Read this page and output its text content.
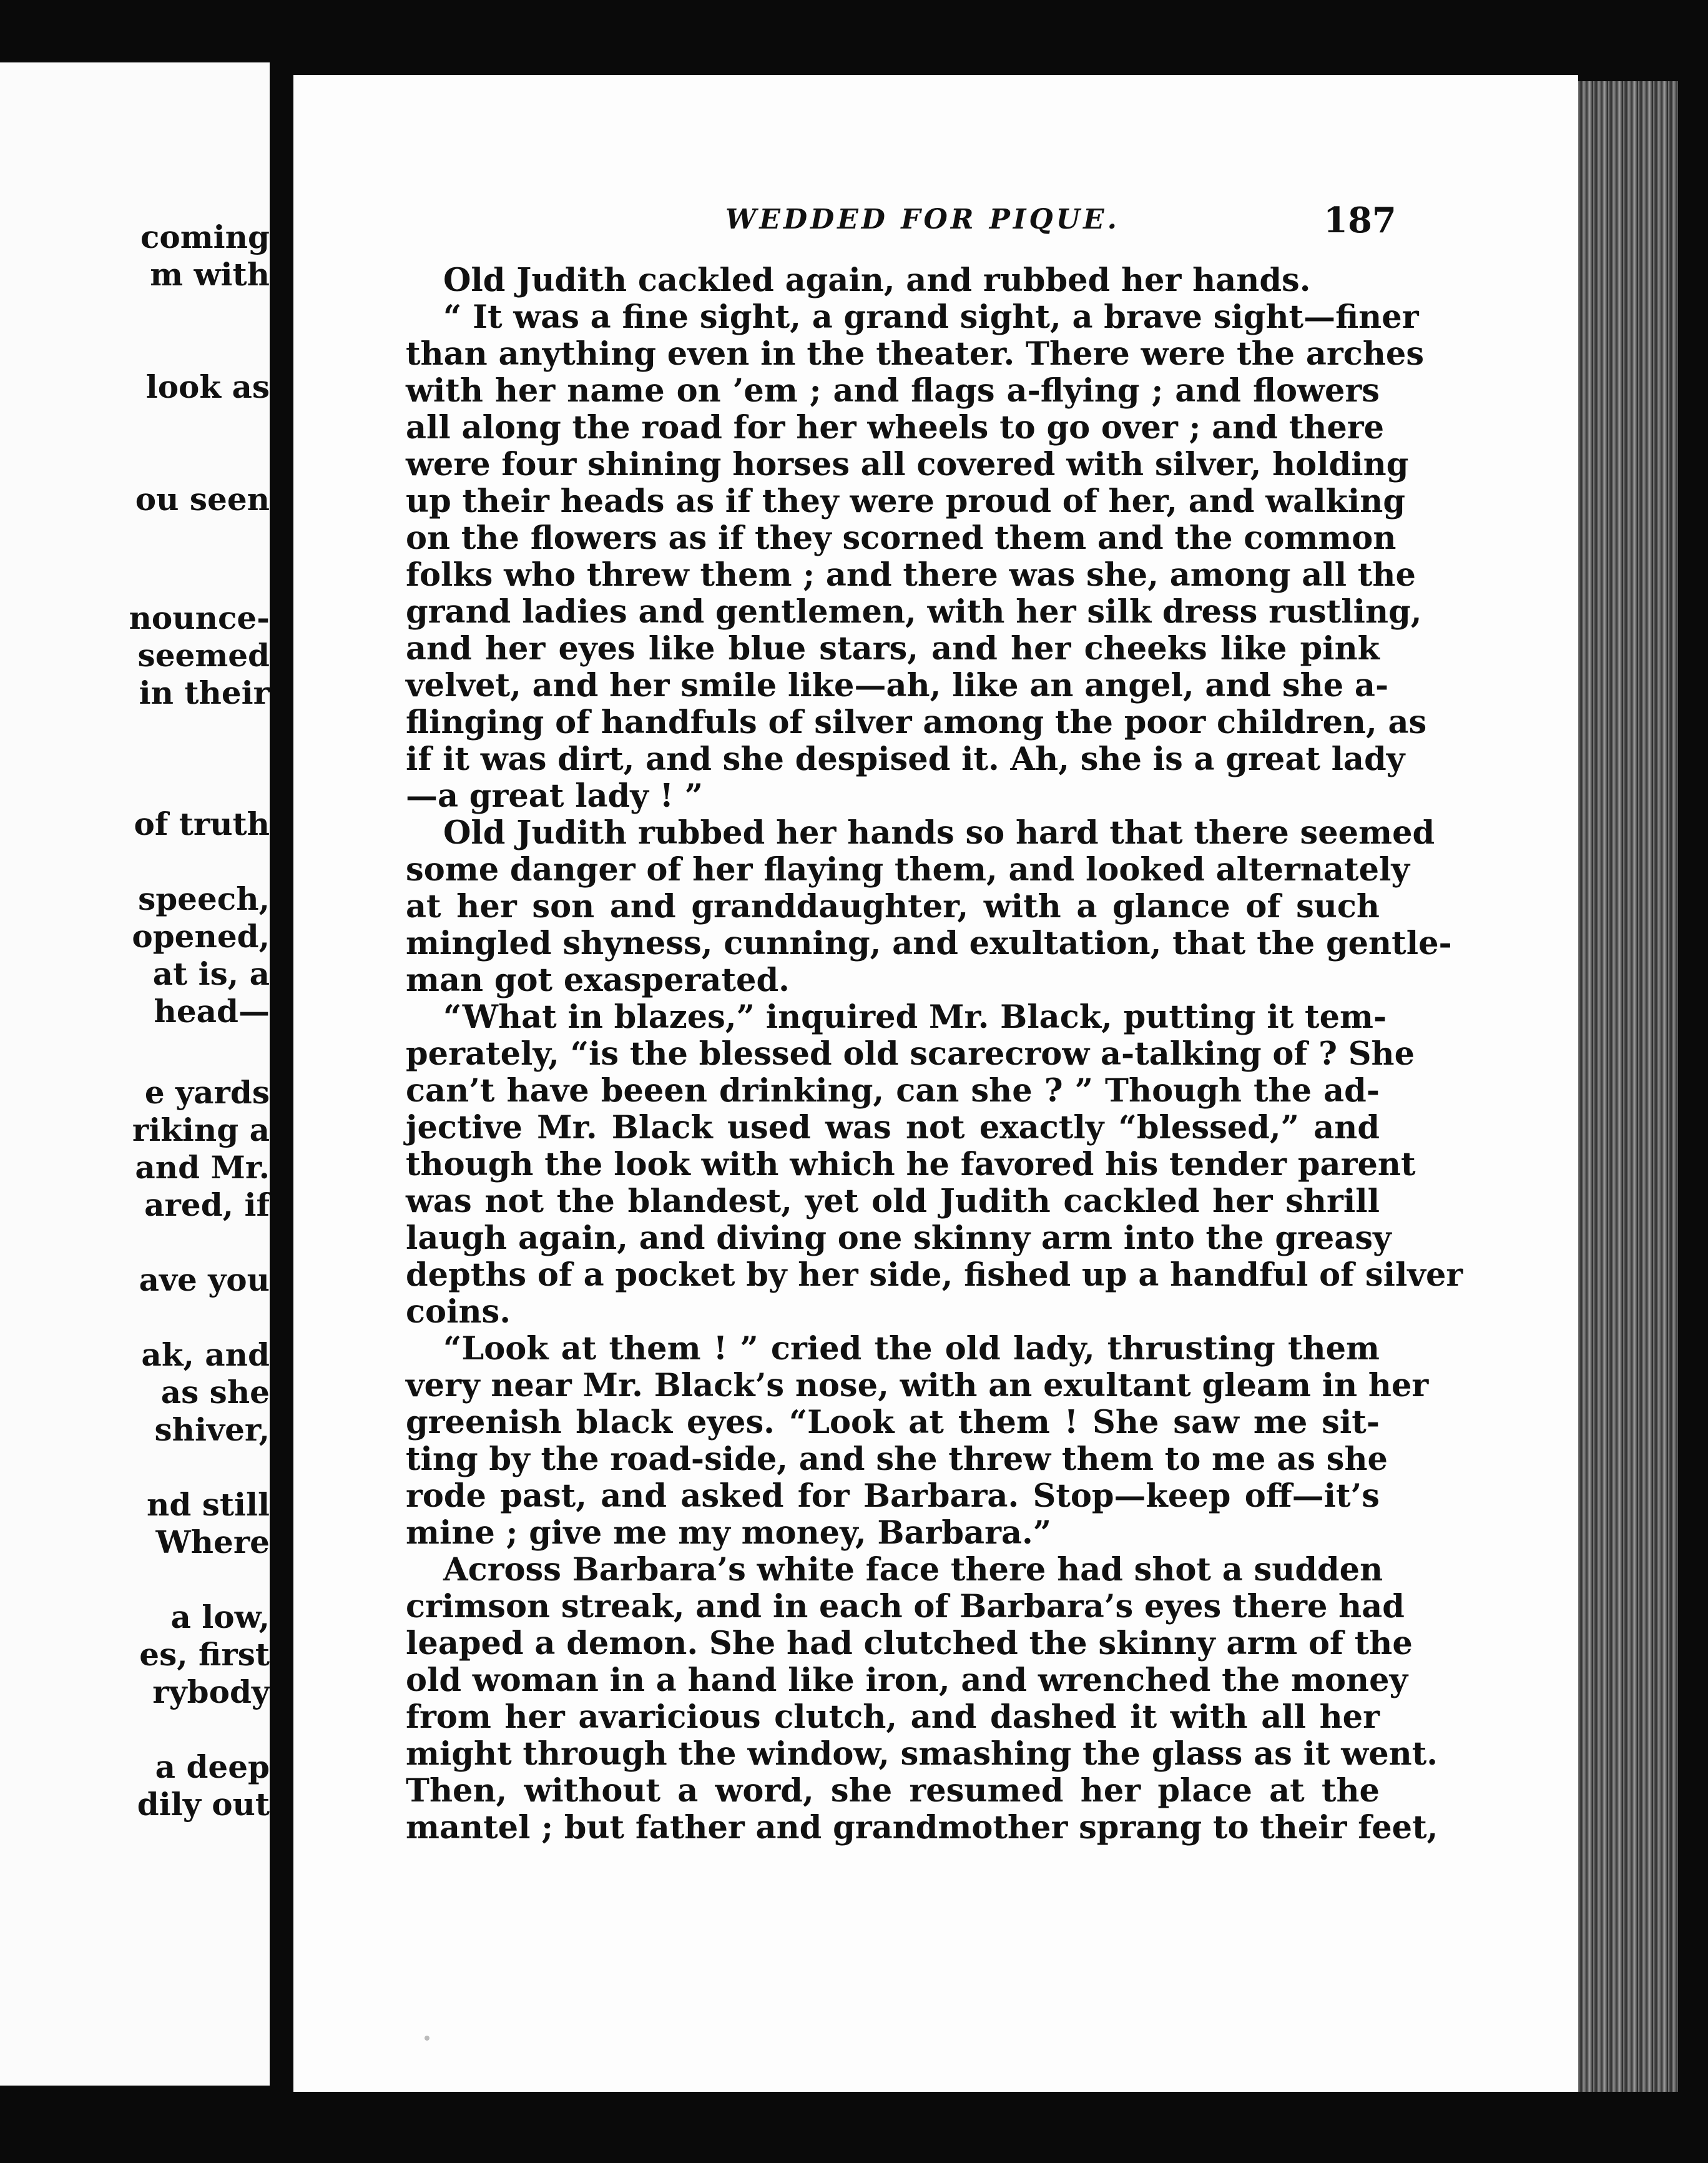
coming
m with
look as
ou seen
nounce-
seemed
in their
of truth
speech,
opened,
at is, a
head—
e yards
riking a
and Mr.
ared, if
ave you
ak, and
as she
shiver,
nd still
Where
a low,
es, first
rybody
a deep
dily out
WEDDED FOR PIQUE.	187
Old Judith cackled again, and rubbed her hands.
“ It was a fine sight, a grand sight, a brave sight—finer
than anything even in the theater. There were the arches
with her name on ’em ; and flags a-flying ; and flowers
all along the road for her wheels to go over ; and there
were four shining horses all covered with silver, holding
up their heads as if they were proud of her, and walking
on the flowers as if they scorned them and the common
folks who threw them ; and there was she, among all the
grand ladies and gentlemen, with her silk dress rustling,
and her eyes like blue stars, and her cheeks like pink
velvet, and her smile like—ah, like an angel, and she a-
flinging of handfuls of silver among the poor children, as
if it was dirt, and she despised it. Ah, she is a great lady
—a great lady ! ”
Old Judith rubbed her hands so hard that there seemed
some danger of her flaying them, and looked alternately
at her son and granddaughter, with a glance of such
mingled shyness, cunning, and exultation, that the gentle-
man got exasperated.
“What in blazes,” inquired Mr. Black, putting it tem-
perately, “is the blessed old scarecrow a-talking of ? She
can’t have beeen drinking, can she ? ” Though the ad-
jective Mr. Black used was not exactly “blessed,” and
though the look with which he favored his tender parent
was not the blandest, yet old Judith cackled her shrill
laugh again, and diving one skinny arm into the greasy
depths of a pocket by her side, fished up a handful of silver
coins.
“Look at them ! ” cried the old lady, thrusting them
very near Mr. Black’s nose, with an exultant gleam in her
greenish black eyes. “Look at them ! She saw me sit-
ting by the road-side, and she threw them to me as she
rode past, and asked for Barbara. Stop—keep off—it’s
mine ; give me my money, Barbara.”
Across Barbara’s white face there had shot a sudden
crimson streak, and in each of Barbara’s eyes there had
leaped a demon. She had clutched the skinny arm of the
old woman in a hand like iron, and wrenched the money
from her avaricious clutch, and dashed it with all her
might through the window, smashing the glass as it went.
Then, without a word, she resumed her place at the
mantel ; but father and grandmother sprang to their feet,
